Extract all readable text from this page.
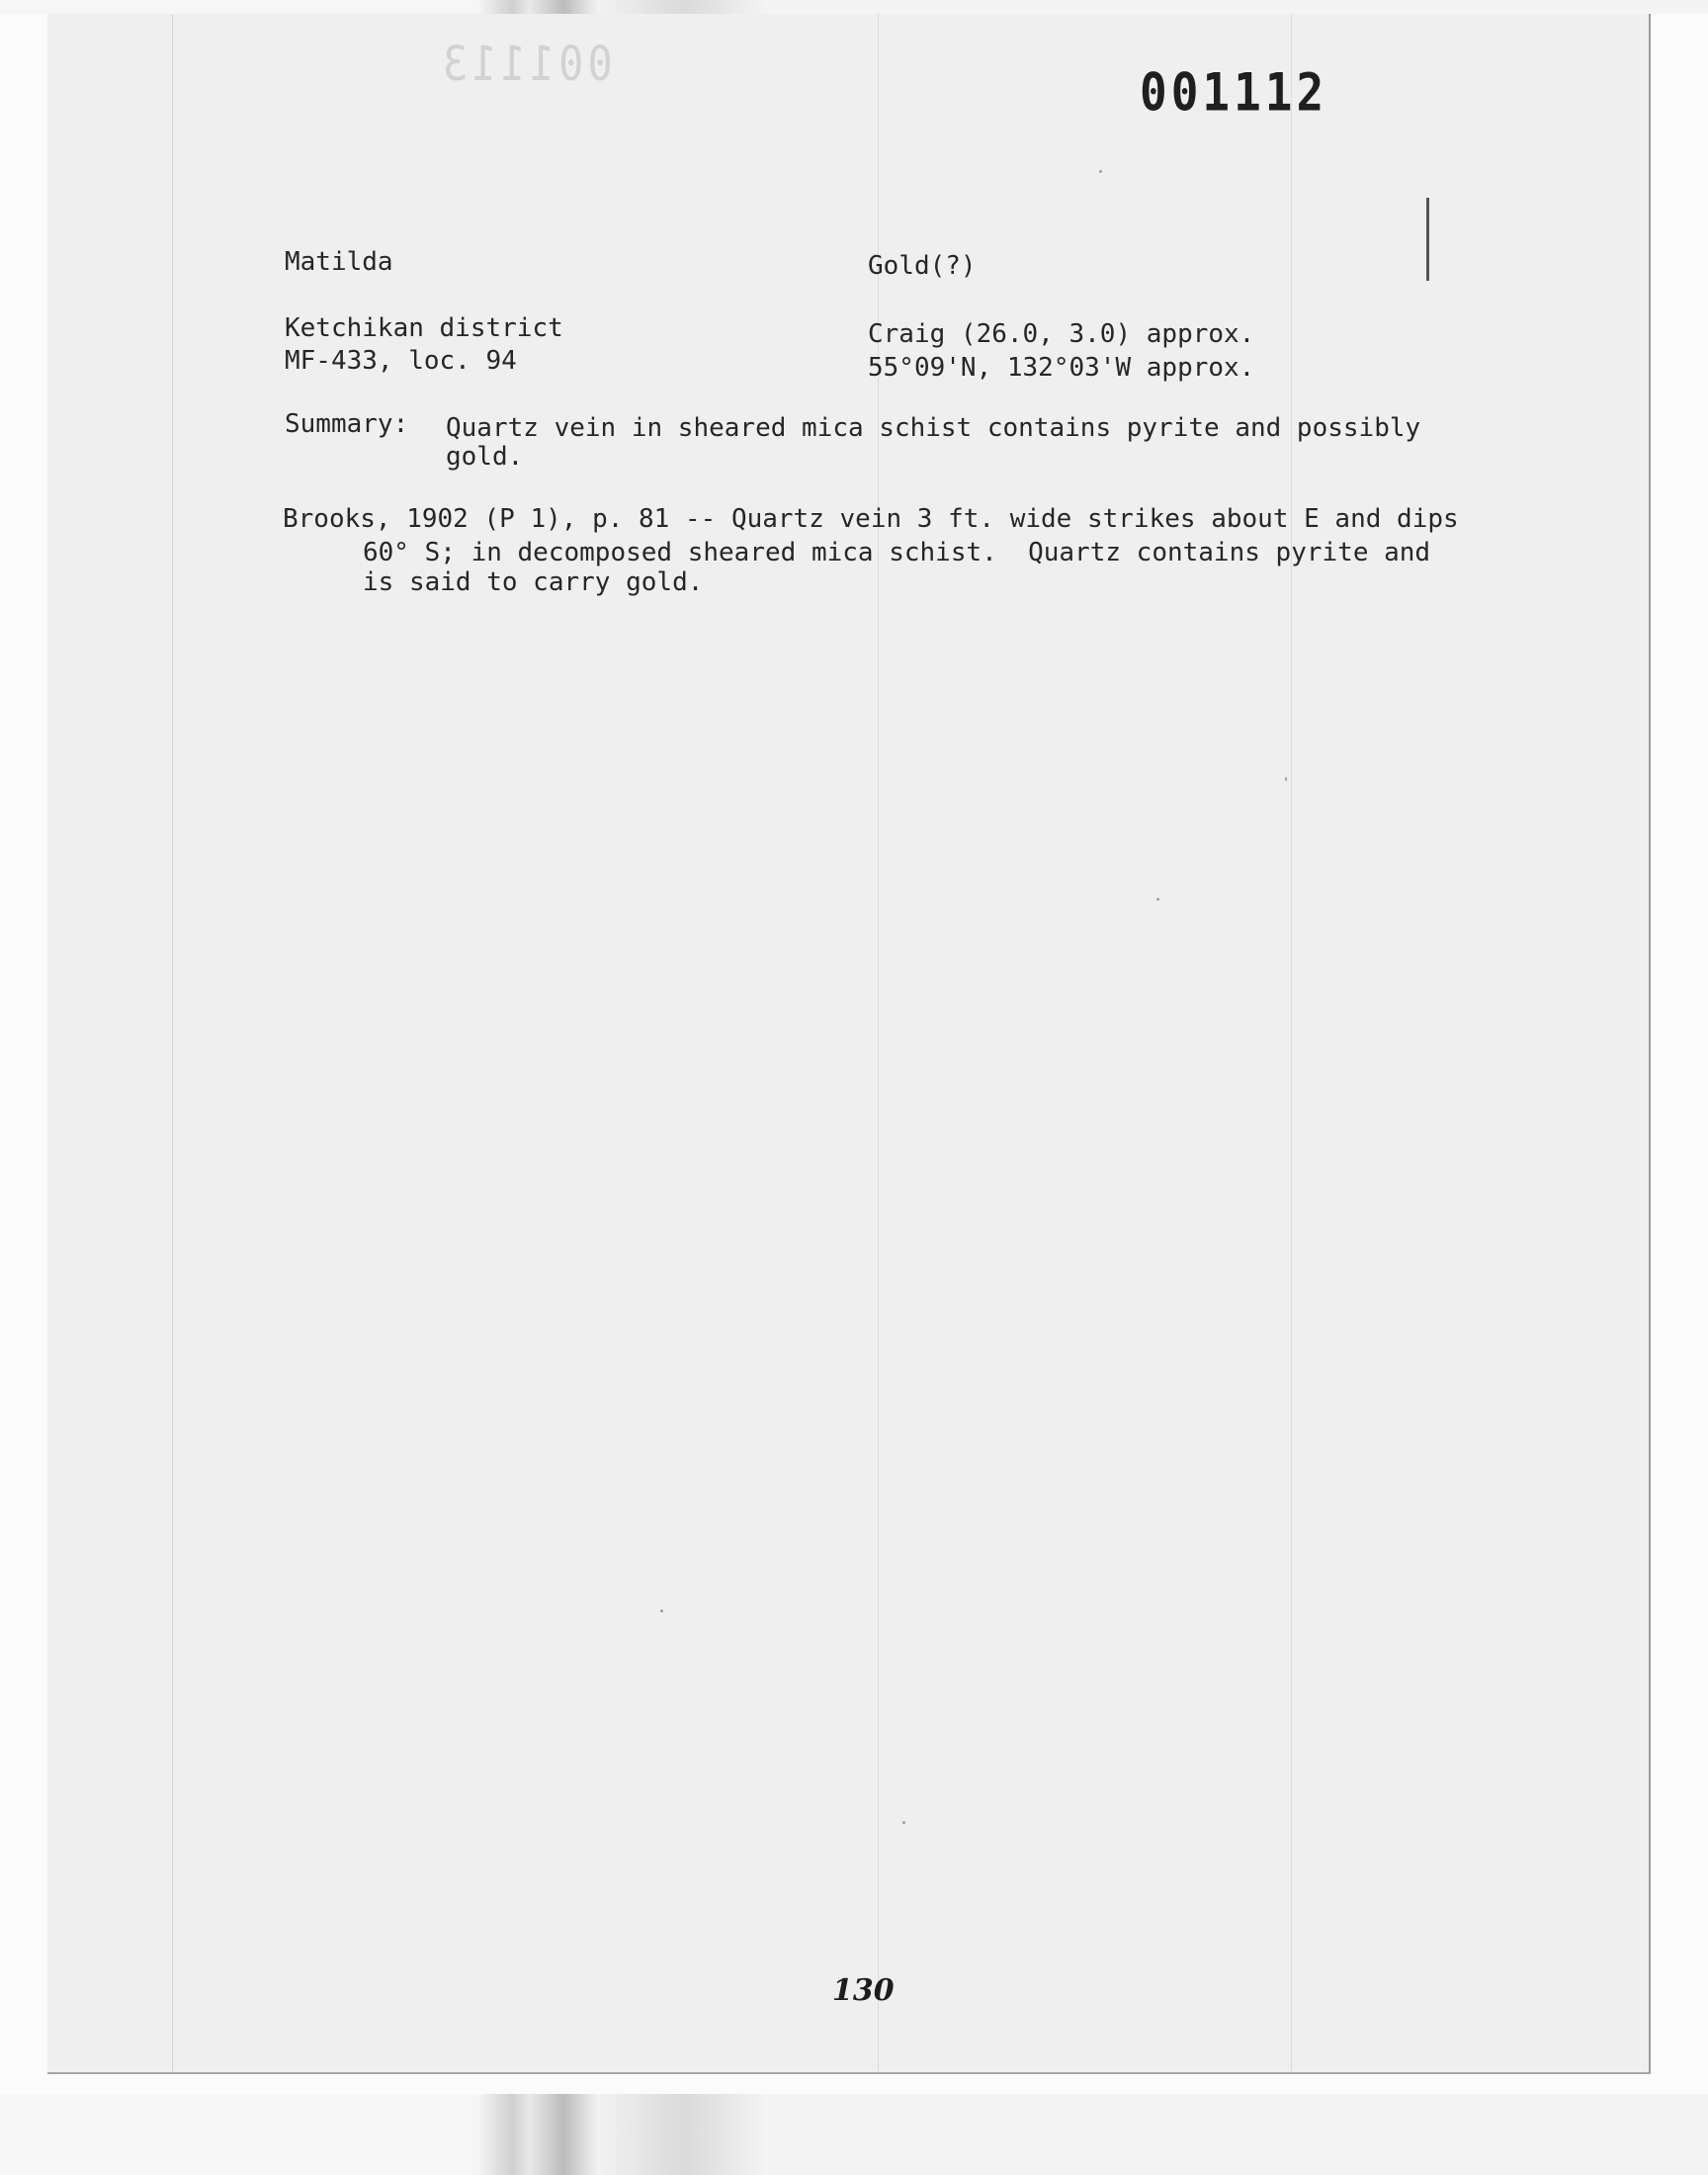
001113	001112
Matilda	Gold(?)
Ketchikan district
MF-433, loc. 94
Craig (26.0, 3.0) approx.
55°09'N, 132°03'W approx.
Summary: Quartz vein in sheared mica schist contains pyrite and possibly
gold.
Brooks, 1902 (P 1), p. 81 -- Quartz vein 3 ft. wide strikes about E and dips
60° S; in decomposed sheared mica schist.  Quartz contains pyrite and
is said to carry gold.
130
